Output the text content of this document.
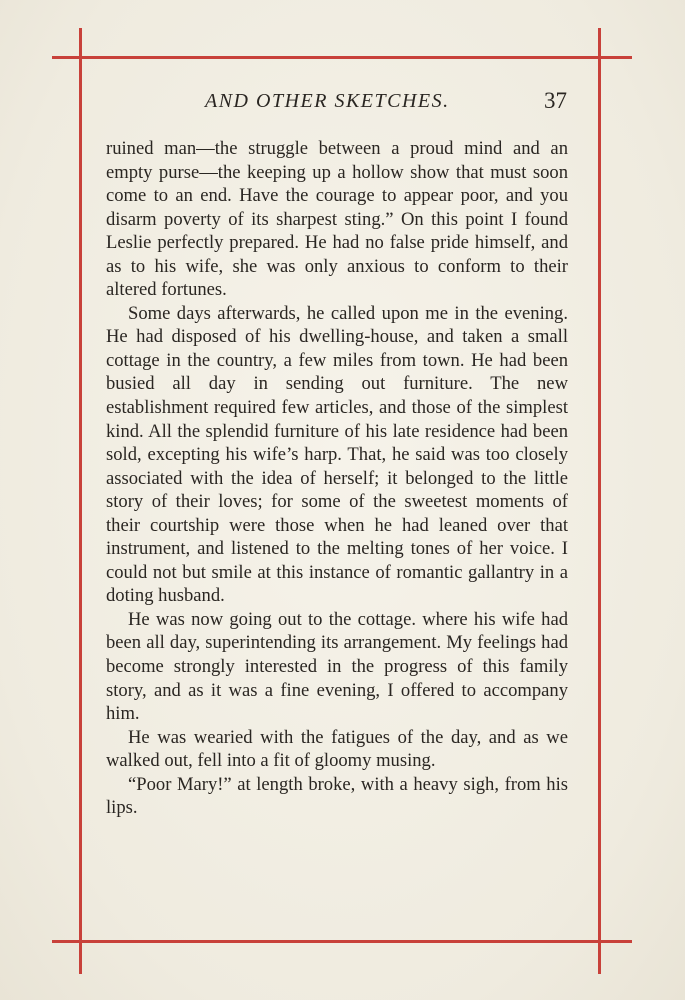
AND OTHER SKETCHES.	37

ruined man—the struggle between a proud mind and an empty purse—the keeping up a hollow show that must soon come to an end. Have the courage to appear poor, and you disarm poverty of its sharpest sting.” On this point I found Leslie perfectly prepared. He had no false pride himself, and as to his wife, she was only anxious to conform to their altered fortunes.

Some days afterwards, he called upon me in the evening. He had disposed of his dwelling-house, and taken a small cottage in the country, a few miles from town. He had been busied all day in sending out furniture. The new establishment required few articles, and those of the simplest kind. All the splendid furniture of his late residence had been sold, excepting his wife’s harp. That, he said was too closely associated with the idea of herself; it belonged to the little story of their loves; for some of the sweetest moments of their courtship were those when he had leaned over that instrument, and listened to the melting tones of her voice. I could not but smile at this instance of romantic gallantry in a doting husband.

He was now going out to the cottage. where his wife had been all day, superintending its arrangement. My feelings had become strongly interested in the progress of this family story, and as it was a fine evening, I offered to accompany him.

He was wearied with the fatigues of the day, and as we walked out, fell into a fit of gloomy musing.

“Poor Mary!” at length broke, with a heavy sigh, from his lips.
